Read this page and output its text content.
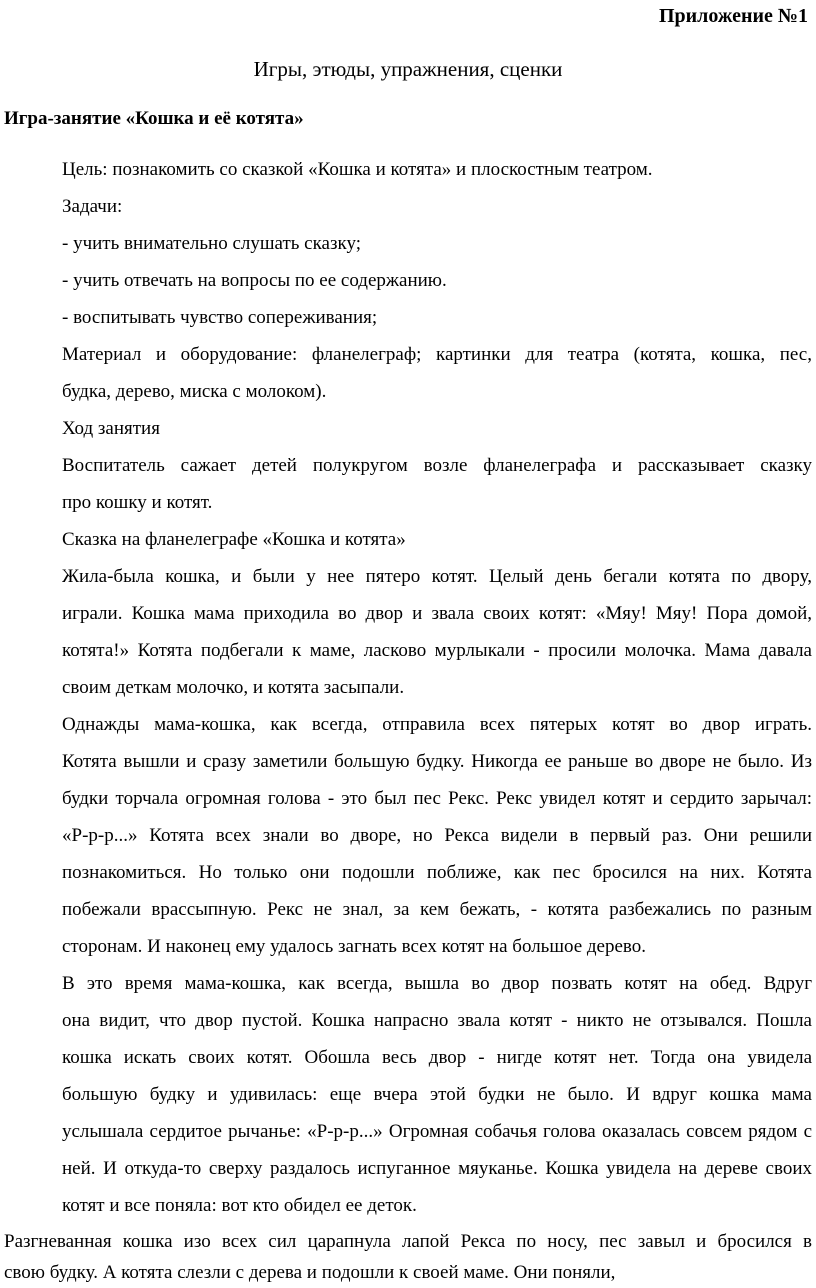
Приложение №1
Игры, этюды, упражнения, сценки
Игра-занятие «Кошка и её котята»
Цель: познакомить со сказкой «Кошка и котята» и плоскостным театром.
Задачи:
- учить внимательно слушать сказку;
- учить отвечать на вопросы по ее содержанию.
- воспитывать чувство сопереживания;
Материал и оборудование: фланелеграф; картинки для театра (котята, кошка, пес,
будка, дерево, миска с молоком).
Ход занятия
Воспитатель сажает детей полукругом возле фланелеграфа и рассказывает сказку
про кошку и котят.
Сказка на фланелеграфе «Кошка и котята»
Жила-была кошка, и были у нее пятеро котят. Целый день бегали котята по двору,
играли. Кошка мама приходила во двор и звала своих котят: «Мяу! Мяу! Пора домой,
котята!» Котята подбегали к маме, ласково мурлыкали - просили молочка. Мама давала
своим деткам молочко, и котята засыпали.
Однажды мама-кошка, как всегда, отправила всех пятерых котят во двор играть.
Котята вышли и сразу заметили большую будку. Никогда ее раньше во дворе не было. Из
будки торчала огромная голова - это был пес Рекс. Рекс увидел котят и сердито зарычал:
«Р-р-р...» Котята всех знали во дворе, но Рекса видели в первый раз. Они решили
познакомиться. Но только они подошли поближе, как пес бросился на них. Котята
побежали врассыпную. Рекс не знал, за кем бежать, - котята разбежались по разным
сторонам. И наконец ему удалось загнать всех котят на большое дерево.
В это время мама-кошка, как всегда, вышла во двор позвать котят на обед. Вдруг
она видит, что двор пустой. Кошка напрасно звала котят - никто не отзывался. Пошла
кошка искать своих котят. Обошла весь двор - нигде котят нет. Тогда она увидела
большую будку и удивилась: еще вчера этой будки не было. И вдруг кошка мама
услышала сердитое рычанье: «Р-р-р...» Огромная собачья голова оказалась совсем рядом с
ней. И откуда-то сверху раздалось испуганное мяуканье. Кошка увидела на дереве своих
котят и все поняла: вот кто обидел ее деток.
Разгневанная кошка изо всех сил царапнула лапой Рекса по носу, пес завыл и бросился в
свою будку. А котята слезли с дерева и подошли к своей маме. Они поняли,
